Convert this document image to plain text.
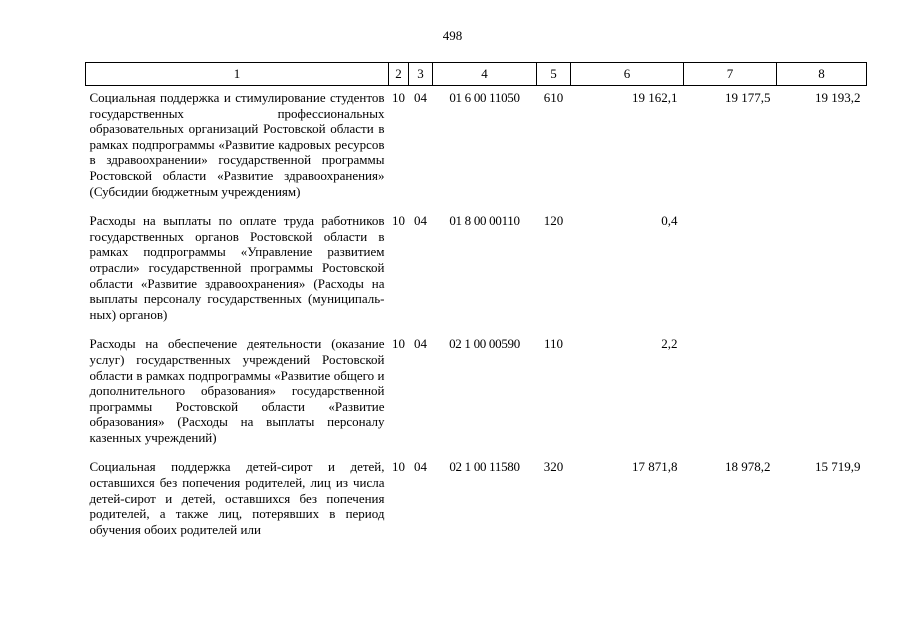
498
1	2	3	4	5	6	7	8
Социальная поддержка и стимулирование студентов государственных профессиональных образовательных организаций Ростовской области в рамках подпрограммы «Развитие кадровых ресурсов в здравоохранении» государственной программы Ростовской области «Развитие здравоохранения» (Субсидии бюджетным учреждениям)	10	04	01 6 00 11050	610	19 162,1	19 177,5	19 193,2
Расходы на выплаты по оплате труда работников государственных органов Ростовской области в рамках подпрограммы «Управление развитием отрасли» государственной программы Ростовской области «Развитие здравоохранения» (Расходы на выплаты персоналу государственных (муниципальных) органов)	10	04	01 8 00 00110	120	0,4		
Расходы на обеспечение деятельности (оказание услуг) государственных учреждений Ростовской области в рамках подпрограммы «Развитие общего и дополнительного образования» государственной программы Ростовской области «Развитие образования» (Расходы на выплаты персоналу казенных учреждений)	10	04	02 1 00 00590	110	2,2		
Социальная поддержка детей-сирот и детей, оставшихся без попечения родителей, лиц из числа детей-сирот и детей, оставшихся без попечения родителей, а также лиц, потерявших в период обучения обоих родителей или	10	04	02 1 00 11580	320	17 871,8	18 978,2	15 719,9
